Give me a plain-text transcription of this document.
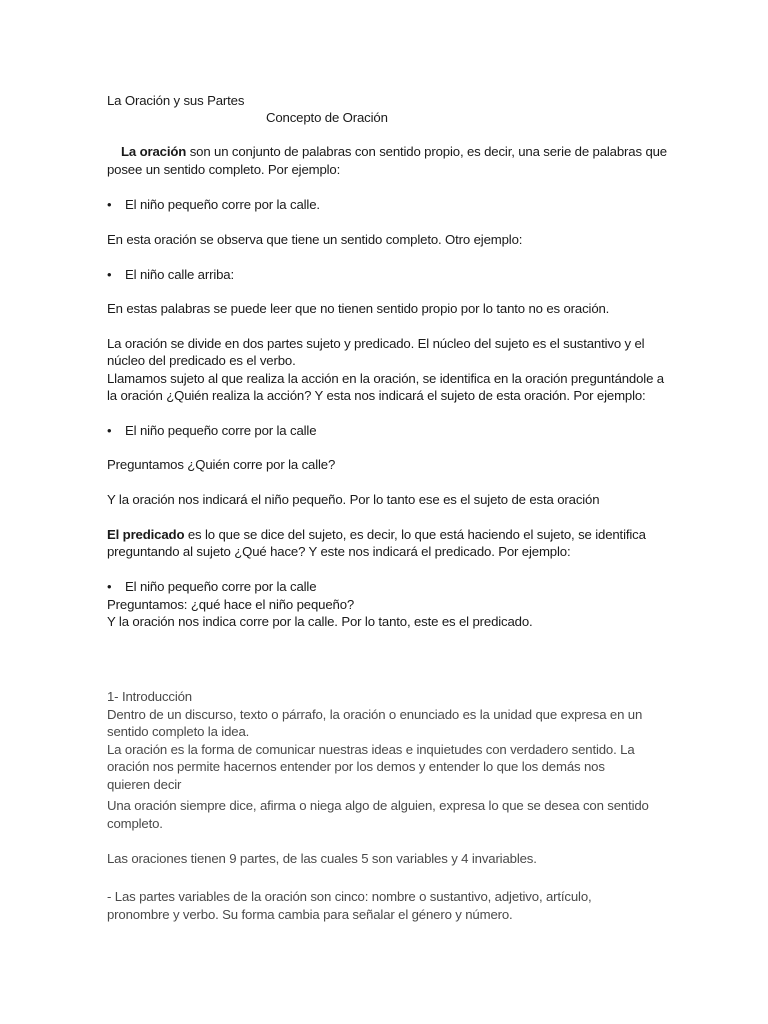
La Oración y sus Partes
Concepto de Oración
La oración son un conjunto de palabras con sentido propio, es decir, una serie de palabras que
posee un sentido completo. Por ejemplo:
• El niño pequeño corre por la calle.
En esta oración se observa que tiene un sentido completo. Otro ejemplo:
• El niño calle arriba:
En estas palabras se puede leer que no tienen sentido propio por lo tanto no es oración.
La oración se divide en dos partes sujeto y predicado. El núcleo del sujeto es el sustantivo y el
núcleo del predicado es el verbo.
Llamamos sujeto al que realiza la acción en la oración, se identifica en la oración preguntándole a
la oración ¿Quién realiza la acción? Y esta nos indicará el sujeto de esta oración. Por ejemplo:
• El niño pequeño corre por la calle
Preguntamos ¿Quién corre por la calle?
Y la oración nos indicará el niño pequeño. Por lo tanto ese es el sujeto de esta oración
El predicado es lo que se dice del sujeto, es decir, lo que está haciendo el sujeto, se identifica
preguntando al sujeto ¿Qué hace? Y este nos indicará el predicado. Por ejemplo:
• El niño pequeño corre por la calle
Preguntamos: ¿qué hace el niño pequeño?
Y la oración nos indica corre por la calle. Por lo tanto, este es el predicado.
1- Introducción
Dentro de un discurso, texto o párrafo, la oración o enunciado es la unidad que expresa en un
sentido completo la idea.
La oración es la forma de comunicar nuestras ideas e inquietudes con verdadero sentido. La
oración nos permite hacernos entender por los demos y entender lo que los demás nos
quieren decir
Una oración siempre dice, afirma o niega algo de alguien, expresa lo que se desea con sentido
completo.
Las oraciones tienen 9 partes, de las cuales 5 son variables y 4 invariables.
- Las partes variables de la oración son cinco: nombre o sustantivo, adjetivo, artículo,
pronombre y verbo. Su forma cambia para señalar el género y número.
